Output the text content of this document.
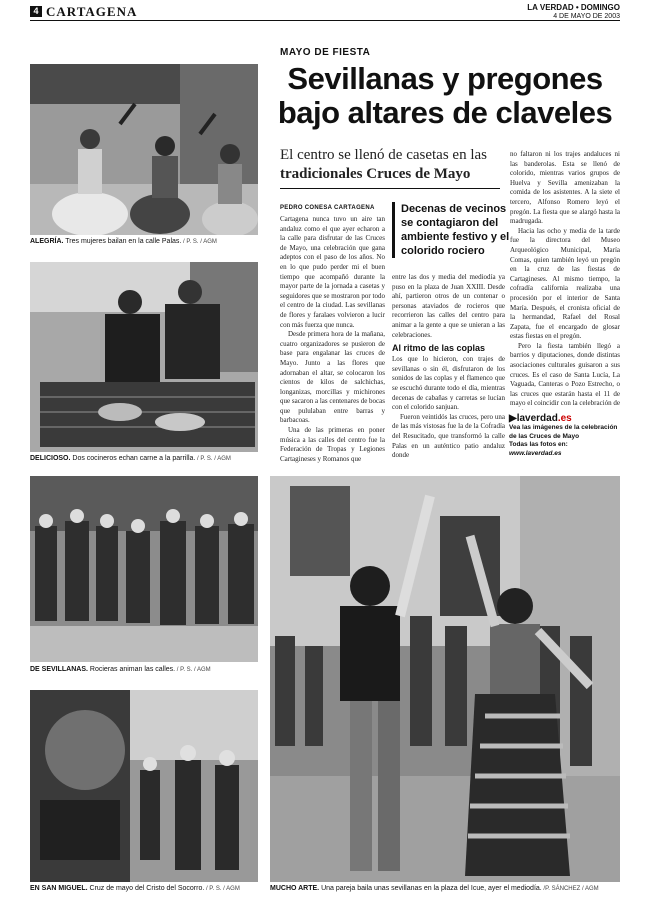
4 CARTAGENA	LA VERDAD • DOMINGO
4 DE MAYO DE 2003
ALEGRÍA. Tres mujeres bailan en la calle Palas. / P. S. / AGM
DELICIOSO. Dos cocineros echan carne a la parrilla. / P. S. / AGM
DE SEVILLANAS. Rocieras animan las calles. / P. S. / AGM
EN SAN MIGUEL. Cruz de mayo del Cristo del Socorro. / P. S. / AGM	MUCHO ARTE. Una pareja baila unas sevillanas en la plaza del Icue, ayer el mediodía. /P. SÁNCHEZ / AGM
MAYO DE FIESTA
Sevillanas y pregones
bajo altares de claveles
El centro se llenó de casetas en las tradicionales Cruces de Mayo
PEDRO CONESA CARTAGENA

Cartagena nunca tuvo un aire tan andaluz como el que ayer echaron a la calle para disfrutar de las Cruces de Mayo, una celebración que gana adeptos con el paso de los años. No en lo que pudo perder mi el buen tiempo que acompañó durante la mayor parte de la jornada a casetas y seguidores que se mostraron por todo el centro de la ciudad. Las sevillanas de flores y faralaes volvieron a lucir con más fuerza que nunca.

Desde primera hora de la mañana, cuatro organizadores se pusieron de base para engalanar las cruces de Mayo. Junto a las flores que adornaban el altar, se colocaron los cientos de kilos de salchichas, longanizas, morcillas y michirones que sacaron a las centenares de bocas que pululaban entre barras y barbacoas.

Una de las primeras en poner música a las calles del centro fue la Federación de Tropas y Legiones Cartagineses y Romanos que

Decenas de vecinos se contagiaron del ambiente festivo y el colorido rociero

entre las dos y media del mediodía ya puso en la plaza de Juan XXIII. Desde ahí, partieron otros de un contenar o personas ataviados de rocieros que recorrieron las calles del centro para animar a la gente a que se unieran a las celebraciones.

Al ritmo de las coplas

Los que lo hicieron, con trajes de sevillanas o sin él, disfrutaron de los sonidos de las coplas y el flamenco que se escuchó durante todo el día, mientras decenas de cabañas y carretas se lucían con el colorido sanjuan.

Fueron veintidós las cruces, pero una de las más vistosas fue la de la Cofradía del Resucitado, que transformó la calle Palas en un auténtico patio andaluz donde

no faltaron ni los trajes andaluces ni las banderolas. Esta se llenó de colorido, mientras varios grupos de Huelva y Sevilla amenizaban la comida de los asistentes. A la siete el tercero, Alfonso Romero leyó el pregón. La fiesta que se alargó hasta la madrugada.

Hacia las ocho y media de la tarde fue la directora del Museo Arqueológico Municipal, María Comas, quien también leyó un pregón en la cruz de las fiestas de Cartagineses. Al mismo tiempo, la cofradía california realizaba una procesión por el interior de Santa María. Después, el cronista oficial de la hermandad, Rafael del Rosal Zapata, fue el encargado de glosar estas fiestas en el pregón.

Pero la fiesta también llegó a barrios y diputaciones, donde distintas asociaciones culturales guisaron a sus cruces. Es el caso de Santa Lucía, La Vaguada, Canteras o Pozo Estrecho, o las cruces que estarán hasta el 11 de mayo el coincidir con la celebración de

▶laverdad.es
Vea las imágenes de la celebración de las Cruces de Mayo
Todas las fotos en:
www.laverdad.es
